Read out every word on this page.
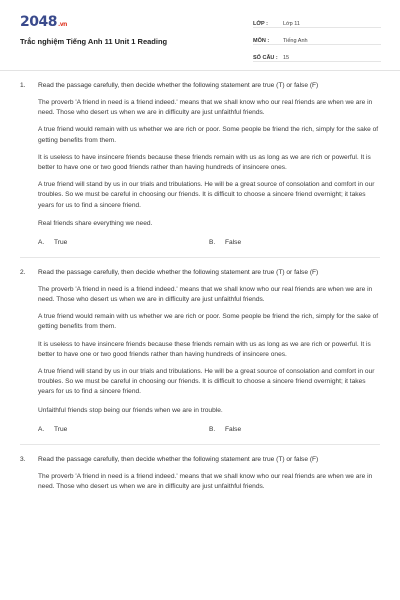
2048.vn
Trắc nghiệm Tiếng Anh 11 Unit 1 Reading
LỚP :	Lớp 11
MÔN :	Tiếng Anh
SỐ CÂU : 15
1.	Read the passage carefully, then decide whether the following statement are true (T) or false (F)

The proverb 'A friend in need is a friend indeed.' means that we shall know who our real friends are when we are in need. Those who desert us when we are in difficulty are just unfaithful friends.

A true friend would remain with us whether we are rich or poor. Some people be friend the rich, simply for the sake of getting benefits from them.

It is useless to have insincere friends because these friends remain with us as long as we are rich or powerful. It is better to have one or two good friends rather than having hundreds of insincere ones.

A true friend will stand by us in our trials and tribulations. He will be a great source of consolation and comfort in our troubles. So we must be careful in choosing our friends. It is difficult to choose a sincere friend overnight; it takes years for us to find a sincere friend.

Real friends share everything we need.

A.	True	B.	False
2.	Read the passage carefully, then decide whether the following statement are true (T) or false (F)

The proverb 'A friend in need is a friend indeed.' means that we shall know who our real friends are when we are in need. Those who desert us when we are in difficulty are just unfaithful friends.

A true friend would remain with us whether we are rich or poor. Some people be friend the rich, simply for the sake of getting benefits from them.

It is useless to have insincere friends because these friends remain with us as long as we are rich or powerful. It is better to have one or two good friends rather than having hundreds of insincere ones.

A true friend will stand by us in our trials and tribulations. He will be a great source of consolation and comfort in our troubles. So we must be careful in choosing our friends. It is difficult to choose a sincere friend overnight; it takes years for us to find a sincere friend.

Unfaithful friends stop being our friends when we are in trouble.

A.	True	B.	False
3.	Read the passage carefully, then decide whether the following statement are true (T) or false (F)

The proverb 'A friend in need is a friend indeed.' means that we shall know who our real friends are when we are in need. Those who desert us when we are in difficulty are just unfaithful friends.
